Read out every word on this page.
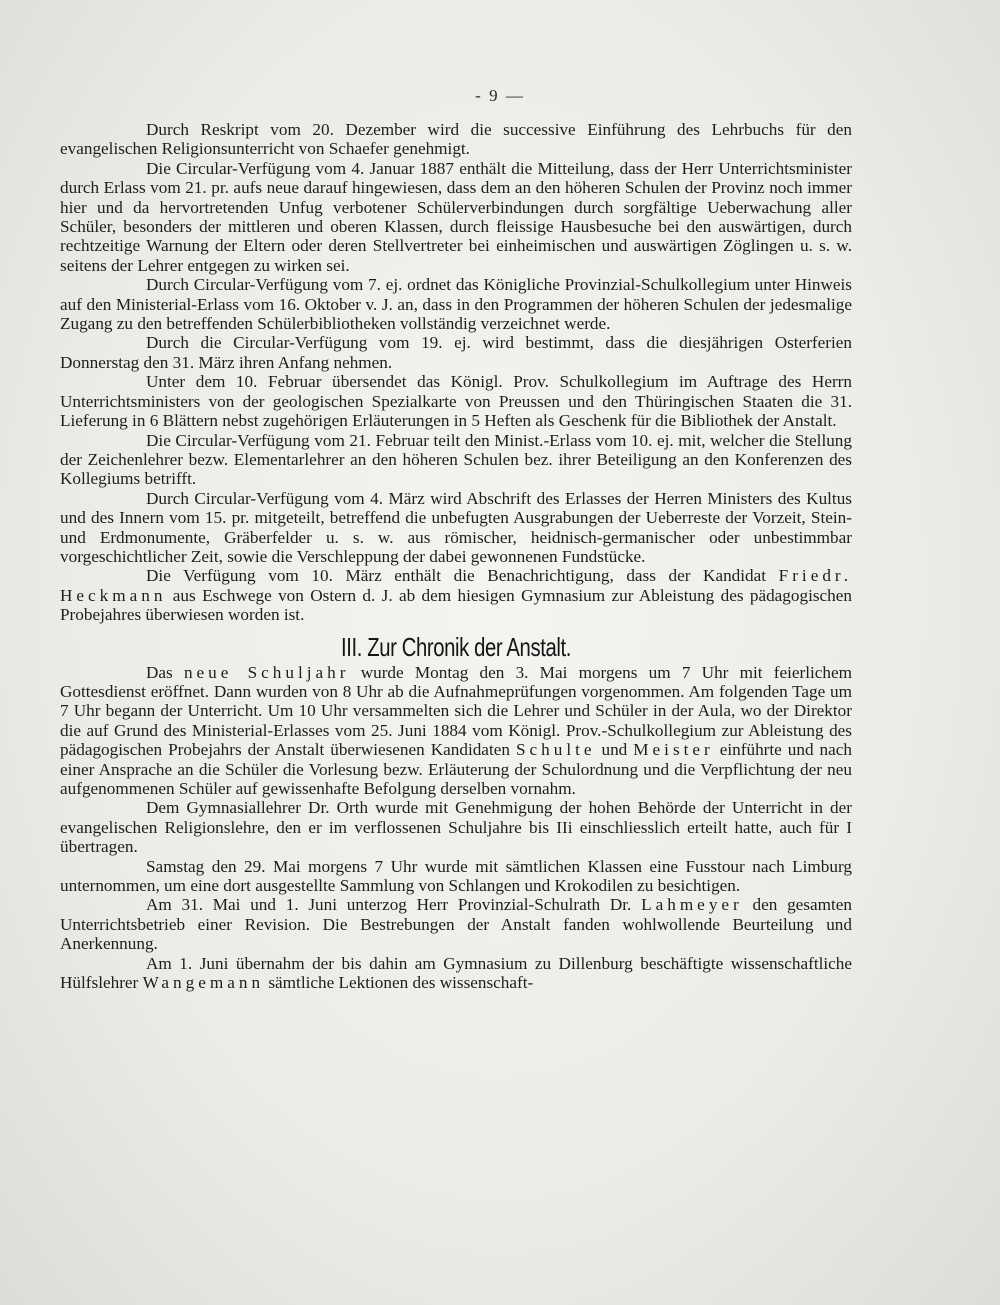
- 9 —

Durch Reskript vom 20. Dezember wird die successive Einführung des Lehrbuchs für den evangelischen Religionsunterricht von Schaefer genehmigt.

Die Circular-Verfügung vom 4. Januar 1887 enthält die Mitteilung, dass der Herr Unterrichtsminister durch Erlass vom 21. pr. aufs neue darauf hingewiesen, dass dem an den höheren Schulen der Provinz noch immer hier und da hervortretenden Unfug verbotener Schülerverbindungen durch sorgfältige Ueberwachung aller Schüler, besonders der mittleren und oberen Klassen, durch fleissige Hausbesuche bei den auswärtigen, durch rechtzeitige Warnung der Eltern oder deren Stellvertreter bei einheimischen und auswärtigen Zöglingen u. s. w. seitens der Lehrer entgegen zu wirken sei.

Durch Circular-Verfügung vom 7. ej. ordnet das Königliche Provinzial-Schulkollegium unter Hinweis auf den Ministerial-Erlass vom 16. Oktober v. J. an, dass in den Programmen der höheren Schulen der jedesmalige Zugang zu den betreffenden Schülerbibliotheken vollständig verzeichnet werde.

Durch die Circular-Verfügung vom 19. ej. wird bestimmt, dass die diesjährigen Osterferien Donnerstag den 31. März ihren Anfang nehmen.

Unter dem 10. Februar übersendet das Königl. Prov. Schulkollegium im Auftrage des Herrn Unterrichtsministers von der geologischen Spezialkarte von Preussen und den Thüringischen Staaten die 31. Lieferung in 6 Blättern nebst zugehörigen Erläuterungen in 5 Heften als Geschenk für die Bibliothek der Anstalt.

Die Circular-Verfügung vom 21. Februar teilt den Minist.-Erlass vom 10. ej. mit, welcher die Stellung der Zeichenlehrer bezw. Elementarlehrer an den höheren Schulen bez. ihrer Beteiligung an den Konferenzen des Kollegiums betrifft.

Durch Circular-Verfügung vom 4. März wird Abschrift des Erlasses der Herren Ministers des Kultus und des Innern vom 15. pr. mitgeteilt, betreffend die unbefugten Ausgrabungen der Ueberreste der Vorzeit, Stein- und Erdmonumente, Gräberfelder u. s. w. aus römischer, heidnisch-germanischer oder unbestimmbar vorgeschichtlicher Zeit, sowie die Verschleppung der dabei gewonnenen Fundstücke.

Die Verfügung vom 10. März enthält die Benachrichtigung, dass der Kandidat Friedr. Heckmann aus Eschwege von Ostern d. J. ab dem hiesigen Gymnasium zur Ableistung des pädagogischen Probejahres überwiesen worden ist.

III. Zur Chronik der Anstalt.

Das neue Schuljahr wurde Montag den 3. Mai morgens um 7 Uhr mit feierlichem Gottesdienst eröffnet. Dann wurden von 8 Uhr ab die Aufnahmeprüfungen vorgenommen. Am folgenden Tage um 7 Uhr begann der Unterricht. Um 10 Uhr versammelten sich die Lehrer und Schüler in der Aula, wo der Direktor die auf Grund des Ministerial-Erlasses vom 25. Juni 1884 vom Königl. Prov.-Schulkollegium zur Ableistung des pädagogischen Probejahrs der Anstalt überwiesenen Kandidaten Schulte und Meister einführte und nach einer Ansprache an die Schüler die Vorlesung bezw. Erläuterung der Schulordnung und die Verpflichtung der neu aufgenommenen Schüler auf gewissenhafte Befolgung derselben vornahm.

Dem Gymnasiallehrer Dr. Orth wurde mit Genehmigung der hohen Behörde der Unterricht in der evangelischen Religionslehre, den er im verflossenen Schuljahre bis IIi einschliesslich erteilt hatte, auch für I übertragen.

Samstag den 29. Mai morgens 7 Uhr wurde mit sämtlichen Klassen eine Fusstour nach Limburg unternommen, um eine dort ausgestellte Sammlung von Schlangen und Krokodilen zu besichtigen.

Am 31. Mai und 1. Juni unterzog Herr Provinzial-Schulrath Dr. Lahmeyer den gesamten Unterrichtsbetrieb einer Revision. Die Bestrebungen der Anstalt fanden wohlwollende Beurteilung und Anerkennung.

Am 1. Juni übernahm der bis dahin am Gymnasium zu Dillenburg beschäftigte wissenschaftliche Hülfslehrer Wangemann sämtliche Lektionen des wissenschaft-
